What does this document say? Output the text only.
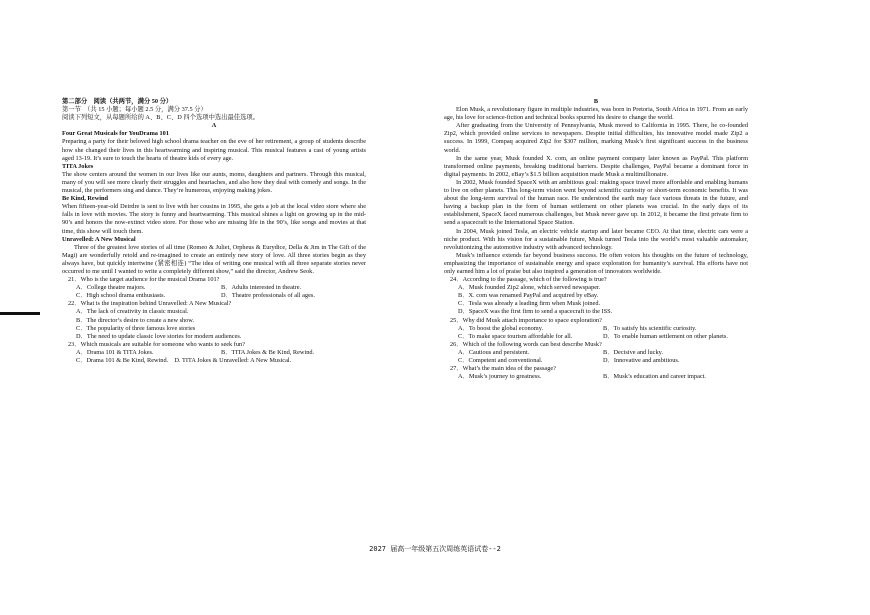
第二部分　阅读（共两节，满分 50 分）

第一节　（共 15 小题；每小题 2.5 分，满分 37.5 分）

阅读下列短文，从每题所给的 A、B、C、D 四个选项中选出最佳选项。

A

Four Great Musicals for YouDrama 101

Preparing a party for their beloved high school drama teacher on the eve of her retirement, a group of students describe how she changed their lives in this heartwarming and inspiring musical. This musical features a cast of young artists aged 13-19. It’s sure to touch the hearts of theatre kids of every age.

TITA Jokes

The show centers around the women in our lives like our aunts, moms, daughters and partners. Through this musical, many of you will see more clearly their struggles and heartaches, and also how they deal with comedy and songs. In the musical, the performers sing and dance. They’re humerous, enjoying making jokes.

Be Kind, Rewind

When fifteen-year-old Deirdre is sent to live with her cousins in 1995, she gets a job at the local video store where she falls in love with movies. The story is funny and heartwarming. This musical shines a light on growing up in the mid-90’s and honors the now-extinct video store. For those who are missing life in the 90’s, like songs and movies at that time, this show will touch them.

Unravelled: A New Musical

Three of the greatest love stories of all time (Romeo & Juliet, Orpheus & Eurydice, Della & Jim in The Gift of the Magi) are wonderfully retold and re-imagined to create an entirely new story of love. All three stories begin as they always have, but quickly intertwine (紧密相连) “The idea of writing one musical with all three separate stories never occurred to me until I wanted to write a completely different show,” said the director, Andrew Seok.

21．Who is the target audience for the musical Drama 101?

A．College theatre majors.	B．Adults interested in theatre.
C．High school drama enthusiasts.	D．Theatre professionals of all ages.

22．What is the inspiration behind Unravelled: A New Musical?

A．The lack of creativity in classic musical.

B．The director’s desire to create a new show.

C．The popularity of three famous love stories

D．The need to update classic love stories for modern audiences.

23．Which musicals are suitable for someone who wants to seek fun?

A．Drama 101 & TITA Jokes.	B．TITA Jokes & Be Kind, Rewind.

C．Drama 101 & Be Kind, Rewind.　D. TITA Jokes & Unravelled: A New Musical.

B

Elon Musk, a revolutionary figure in multiple industries, was born in Pretoria, South Africa in 1971. From an early age, his love for science-fiction and technical books spurred his desire to change the world.

After graduating from the University of Pennsylvania, Musk moved to California in 1995. There, he co-founded Zip2, which provided online services to newspapers. Despite initial difficulties, his innovative model made Zip2 a success. In 1999, Compaq acquired Zip2 for $307 million, marking Musk’s first significant success in the business world.

In the same year, Musk founded X. com, an online payment company later known as PayPal. This platform transformed online payments, breaking traditional barriers. Despite challenges, PayPal became a dominant force in digital payments. In 2002, eBay’s $1.5 billion acquisition made Musk a multimillionaire.

In 2002, Musk founded SpaceX with an ambitious goal: making space travel more affordable and enabling humans to live on other planets. This long-term vision went beyond scientific curiosity or short-term economic benefits. It was about the long-term survival of the human race. He understood the earth may face various threats in the future, and having a backup plan in the form of human settlement on other planets was crucial. In the early days of its establishment, SpaceX faced numerous challenges, but Musk never gave up. In 2012, it became the first private firm to send a spacecraft to the International Space Station.

In 2004, Musk joined Tesla, an electric vehicle startup and later became CEO. At that time, electric cars were a niche product. With his vision for a sustainable future, Musk turned Tesla into the world’s most valuable automaker, revolutionizing the automotive industry with advanced technology.

Musk’s influence extends far beyond business success. He often voices his thoughts on the future of technology, emphasizing the importance of sustainable energy and space exploration for humanity’s survival. His efforts have not only earned him a lot of praise but also inspired a generation of innovators worldwide.

24．According to the passage, which of the following is true?

A．Musk founded Zip2 alone, which served newspaper.

B．X. com was renamed PayPal and acquired by eBay.

C．Tesla was already a leading firm when Musk joined.

D．SpaceX was the first firm to send a spacecraft to the ISS.

25．Why did Musk attach importance to space exploration?

A．To boost the global economy.	B．To satisfy his scientific curiosity.
C．To make space tourism affordable for all.	D．To enable human settlement on other planets.

26．Which of the following words can best describe Musk?

A．Cautious and persistent.	B．Decisive and lucky.
C．Competent and conventional.	D．Innovative and ambitious.

27．What’s the main idea of the passage?

A．Musk’s journey to greatness.	B．Musk’s education and career impact.
2027 届高一年级第五次周练英语试卷--2
